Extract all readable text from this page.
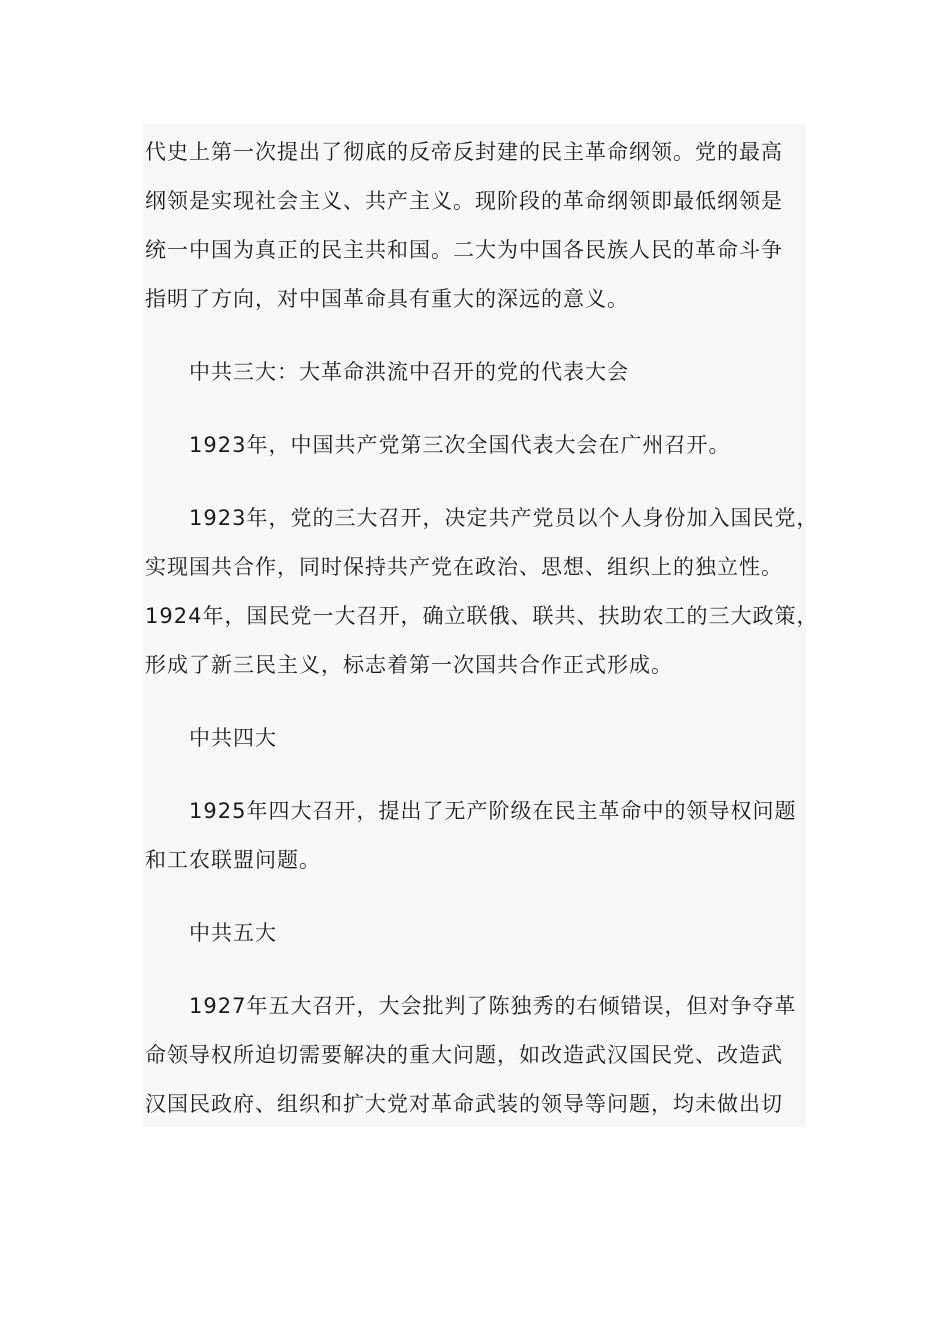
代史上第一次提出了彻底的反帝反封建的民主革命纲领。党的最高
纲领是实现社会主义、共产主义。现阶段的革命纲领即最低纲领是
统一中国为真正的民主共和国。二大为中国各民族人民的革命斗争
指明了方向，对中国革命具有重大的深远的意义。
中共三大：大革命洪流中召开的党的代表大会
1923年，中国共产党第三次全国代表大会在广州召开。
1923年，党的三大召开，决定共产党员以个人身份加入国民党，
实现国共合作，同时保持共产党在政治、思想、组织上的独立性。
1924年，国民党一大召开，确立联俄、联共、扶助农工的三大政策，
形成了新三民主义，标志着第一次国共合作正式形成。
中共四大
1925年四大召开，提出了无产阶级在民主革命中的领导权问题
和工农联盟问题。
中共五大
1927年五大召开，大会批判了陈独秀的右倾错误，但对争夺革
命领导权所迫切需要解决的重大问题，如改造武汉国民党、改造武
汉国民政府、组织和扩大党对革命武装的领导等问题，均未做出切
